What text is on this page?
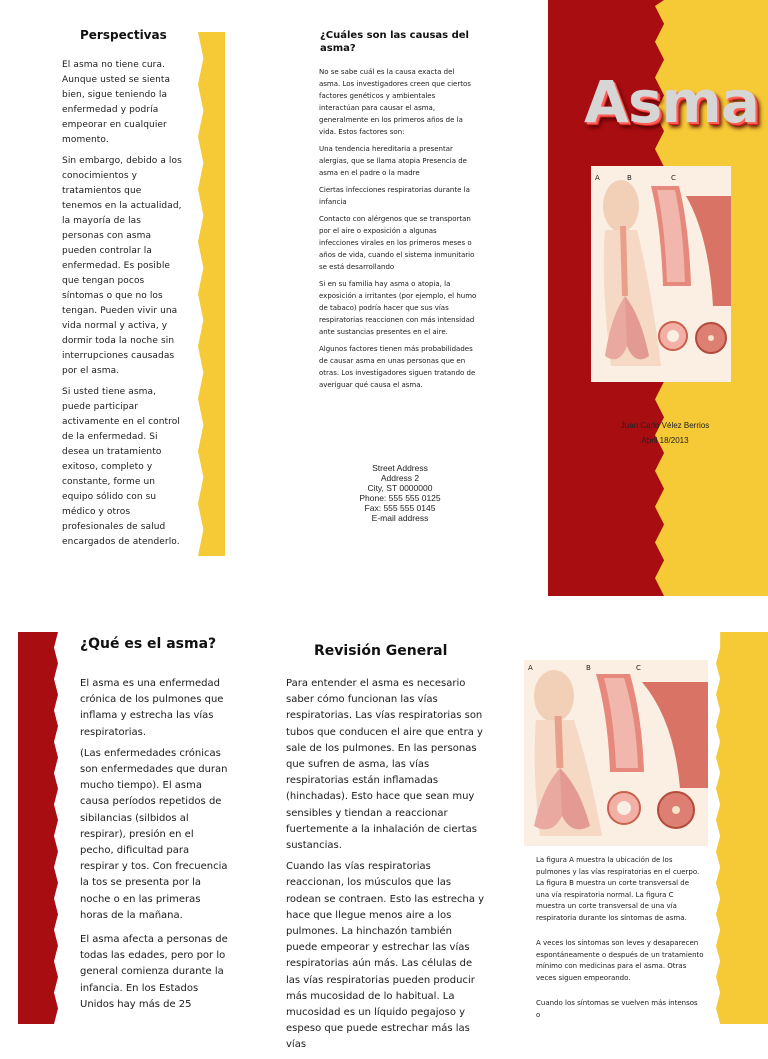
Perspectivas

El asma no tiene cura. Aunque usted se sienta bien, sigue teniendo la enfermedad y podría empeorar en cualquier momento.

Sin embargo, debido a los conocimientos y tratamientos que tenemos en la actualidad, la mayoría de las personas con asma pueden controlar la enfermedad. Es posible que tengan pocos síntomas o que no los tengan. Pueden vivir una vida normal y activa, y dormir toda la noche sin interrupciones causadas por el asma.

Si usted tiene asma, puede participar activamente en el control de la enfermedad. Si desea un tratamiento exitoso, completo y constante, forme un equipo sólido con su médico y otros profesionales de salud encargados de atenderlo.

¿Cuáles son las causas del asma?

No se sabe cuál es la causa exacta del asma. Los investigadores creen que ciertos factores genéticos y ambientales interactúan para causar el asma, generalmente en los primeros años de la vida. Estos factores son:

Una tendencia hereditaria a presentar alergias, que se llama atopia Presencia de asma en el padre o la madre

Ciertas infecciones respiratorias durante la infancia

Contacto con alérgenos que se transportan por el aire o exposición a algunas infecciones virales en los primeros meses o años de vida, cuando el sistema inmunitario se está desarrollando

Si en su familia hay asma o atopia, la exposición a irritantes (por ejemplo, el humo de tabaco) podría hacer que sus vías respiratorias reaccionen con más intensidad ante sustancias presentes en el aire.

Algunos factores tienen más probabilidades de causar asma en unas personas que en otras. Los investigadores siguen tratando de averiguar qué causa el asma.

Street Address
Address 2
City, ST 0000000
Phone: 555 555 0125
Fax: 555 555 0145
E-mail address
Asma
A	B	C
Juan Carlo Vélez Berrios
Abril 18/2013
¿Qué es el asma?

El asma es una enfermedad crónica de los pulmones que inflama y estrecha las vías respiratorias.

(Las enfermedades crónicas son enfermedades que duran mucho tiempo). El asma causa períodos repetidos de sibilancias (silbidos al respirar), presión en el pecho, dificultad para respirar y tos. Con frecuencia la tos se presenta por la noche o en las primeras horas de la mañana.

El asma afecta a personas de todas las edades, pero por lo general comienza durante la infancia. En los Estados Unidos hay más de 25

Revisión General

Para entender el asma es necesario saber cómo funcionan las vías respiratorias. Las vías respiratorias son tubos que conducen el aire que entra y sale de los pulmones. En las personas que sufren de asma, las vías respiratorias están inflamadas (hinchadas). Esto hace que sean muy sensibles y tiendan a reaccionar fuertemente a la inhalación de ciertas sustancias.

Cuando las vías respiratorias reaccionan, los músculos que las rodean se contraen. Esto las estrecha y hace que llegue menos aire a los pulmones. La hinchazón también puede empeorar y estrechar las vías respiratorias aún más. Las células de las vías respiratorias pueden producir más mucosidad de lo habitual. La mucosidad es un líquido pegajoso y espeso que puede estrechar más las vías

A	B	C

La figura A muestra la ubicación de los pulmones y las vías respiratorias en el cuerpo. La figura B muestra un corte transversal de una vía respiratoria normal. La figura C muestra un corte transversal de una vía respiratoria durante los síntomas de asma.

A veces los síntomas son leves y desaparecen espontáneamente o después de un tratamiento mínimo con medicinas para el asma. Otras veces siguen empeorando.

Cuando los síntomas se vuelven más intensos o
